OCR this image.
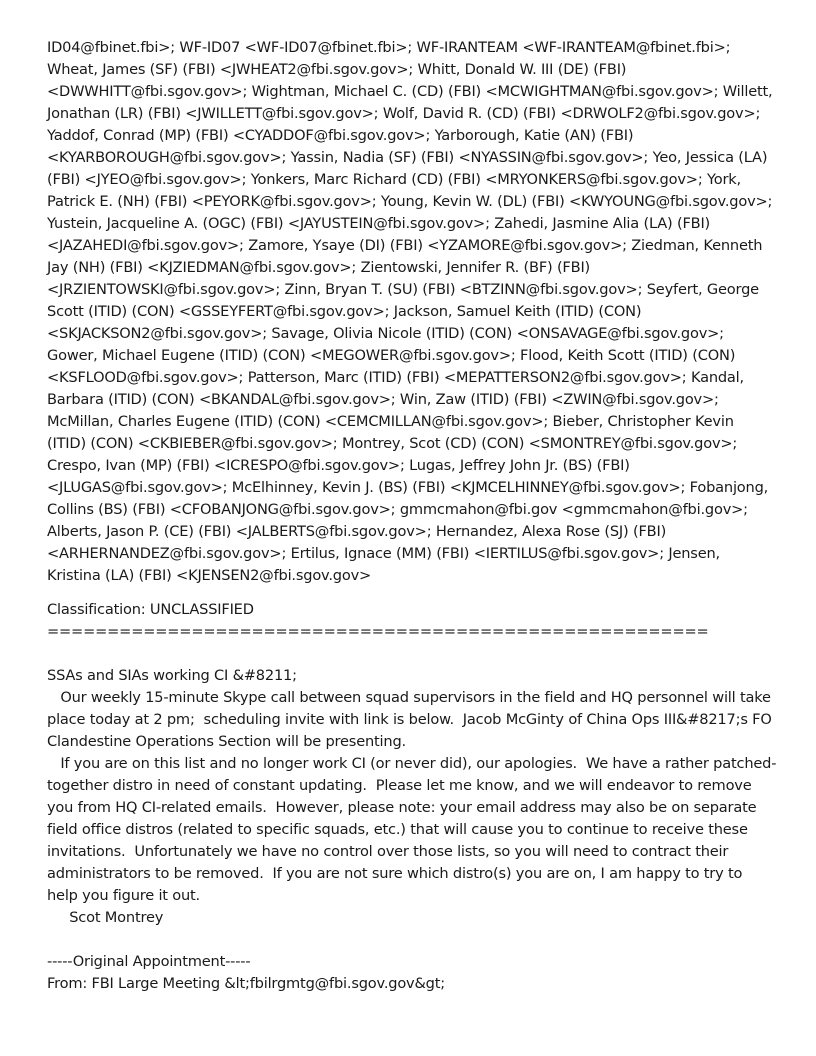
ID04@fbinet.fbi>; WF-ID07 <WF-ID07@fbinet.fbi>; WF-IRANTEAM <WF-IRANTEAM@fbinet.fbi>; Wheat, James (SF) (FBI) <JWHEAT2@fbi.sgov.gov>; Whitt, Donald W. III (DE) (FBI) <DWWHITT@fbi.sgov.gov>; Wightman, Michael C. (CD) (FBI) <MCWIGHTMAN@fbi.sgov.gov>; Willett, Jonathan (LR) (FBI) <JWILLETT@fbi.sgov.gov>; Wolf, David R. (CD) (FBI) <DRWOLF2@fbi.sgov.gov>; Yaddof, Conrad (MP) (FBI) <CYADDOF@fbi.sgov.gov>; Yarborough, Katie (AN) (FBI) <KYARBOROUGH@fbi.sgov.gov>; Yassin, Nadia (SF) (FBI) <NYASSIN@fbi.sgov.gov>; Yeo, Jessica (LA) (FBI) <JYEO@fbi.sgov.gov>; Yonkers, Marc Richard (CD) (FBI) <MRYONKERS@fbi.sgov.gov>; York, Patrick E. (NH) (FBI) <PEYORK@fbi.sgov.gov>; Young, Kevin W. (DL) (FBI) <KWYOUNG@fbi.sgov.gov>; Yustein, Jacqueline A. (OGC) (FBI) <JAYUSTEIN@fbi.sgov.gov>; Zahedi, Jasmine Alia (LA) (FBI) <JAZAHEDI@fbi.sgov.gov>; Zamore, Ysaye (DI) (FBI) <YZAMORE@fbi.sgov.gov>; Ziedman, Kenneth Jay (NH) (FBI) <KJZIEDMAN@fbi.sgov.gov>; Zientowski, Jennifer R. (BF) (FBI) <JRZIENTOWSKI@fbi.sgov.gov>; Zinn, Bryan T. (SU) (FBI) <BTZINN@fbi.sgov.gov>; Seyfert, George Scott (ITID) (CON) <GSSEYFERT@fbi.sgov.gov>; Jackson, Samuel Keith (ITID) (CON) <SKJACKSON2@fbi.sgov.gov>; Savage, Olivia Nicole (ITID) (CON) <ONSAVAGE@fbi.sgov.gov>; Gower, Michael Eugene (ITID) (CON) <MEGOWER@fbi.sgov.gov>; Flood, Keith Scott (ITID) (CON) <KSFLOOD@fbi.sgov.gov>; Patterson, Marc (ITID) (FBI) <MEPATTERSON2@fbi.sgov.gov>; Kandal, Barbara (ITID) (CON) <BKANDAL@fbi.sgov.gov>; Win, Zaw (ITID) (FBI) <ZWIN@fbi.sgov.gov>; McMillan, Charles Eugene (ITID) (CON) <CEMCMILLAN@fbi.sgov.gov>; Bieber, Christopher Kevin (ITID) (CON) <CKBIEBER@fbi.sgov.gov>; Montrey, Scot (CD) (CON) <SMONTREY@fbi.sgov.gov>; Crespo, Ivan (MP) (FBI) <ICRESPO@fbi.sgov.gov>; Lugas, Jeffrey John Jr. (BS) (FBI) <JLUGAS@fbi.sgov.gov>; McElhinney, Kevin J. (BS) (FBI) <KJMCELHINNEY@fbi.sgov.gov>; Fobanjong, Collins (BS) (FBI) <CFOBANJONG@fbi.sgov.gov>; gmmcmahon@fbi.gov <gmmcmahon@fbi.gov>; Alberts, Jason P. (CE) (FBI) <JALBERTS@fbi.sgov.gov>; Hernandez, Alexa Rose (SJ) (FBI) <ARHERNANDEZ@fbi.sgov.gov>; Ertilus, Ignace (MM) (FBI) <IERTILUS@fbi.sgov.gov>; Jensen, Kristina (LA) (FBI) <KJENSEN2@fbi.sgov.gov>

Classification: UNCLASSIFIED

=======================================================

SSAs and SIAs working CI &#8211;

Our weekly 15-minute Skype call between squad supervisors in the field and HQ personnel will take place today at 2 pm;  scheduling invite with link is below.  Jacob McGinty of China Ops III&#8217;s FO Clandestine Operations Section will be presenting.

If you are on this list and no longer work CI (or never did), our apologies.  We have a rather patched-together distro in need of constant updating.  Please let me know, and we will endeavor to remove you from HQ CI-related emails.  However, please note: your email address may also be on separate field office distros (related to specific squads, etc.) that will cause you to continue to receive these invitations.  Unfortunately we have no control over those lists, so you will need to contract their administrators to be removed.  If you are not sure which distro(s) you are on, I am happy to try to help you figure it out.

Scot Montrey

-----Original Appointment-----

From: FBI Large Meeting &lt;fbilrgmtg@fbi.sgov.gov&gt;
